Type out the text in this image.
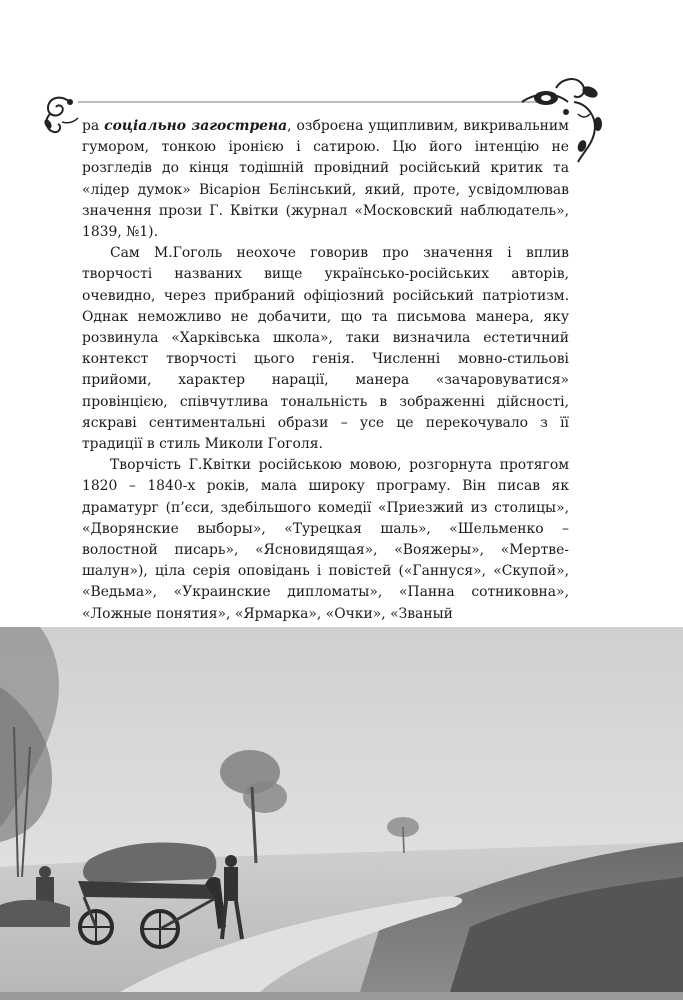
ра соціально загострена, озброєна ущипливим, викривальним гумором, тонкою іронією і сатирою. Цю його інтенцію не розгледів до кінця тодішній провідний російський критик та «лідер думок» Вісаріон Бєлінський, який, проте, усвідомлював значення прози Г. Квітки (журнал «Московский наблюдатель», 1839, №1).

Сам М.Гоголь неохоче говорив про значення і вплив творчості названих вище українсько-російських авторів, очевидно, через прибраний офіціозний російський патріотизм. Однак неможливо не добачити, що та письмова манера, яку розвинула «Харківська школа», таки визначила естетичний контекст творчості цього генія. Численні мовно-стильові прийоми, характер нарації, манера «зачаровуватися» провінцією, співчутлива тональність в зображенні дійсності, яскраві сентиментальні образи – усе це перекочувало з її традиції в стиль Миколи Гоголя.

Творчість Г.Квітки російською мовою, розгорнута протягом 1820 – 1840-х років, мала широку програму. Він писав як драматург (п’єси, здебільшого комедії «Приезжий из столицы», «Дворянские выборы», «Турецкая шаль», «Шельменко – волостной писарь», «Ясновидящая», «Вояжеры», «Мертве-шалун»), ціла серія оповідань і повістей («Ганнуся», «Скупой», «Ведьма», «Украинские дипломаты», «Панна сотниковна», «Ложные понятия», «Ярмарка», «Очки», «Званый
